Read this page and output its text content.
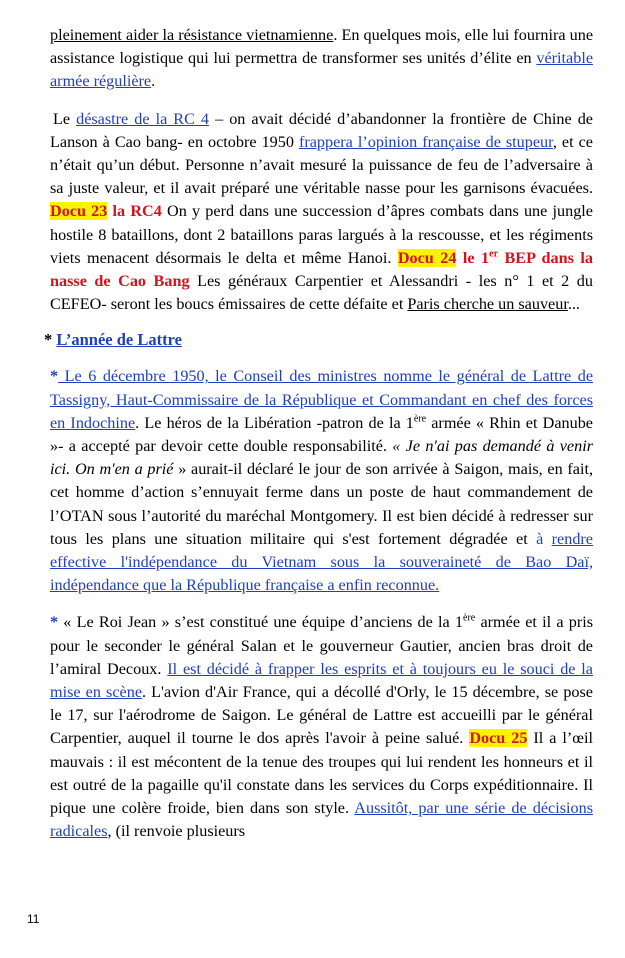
pleinement aider la résistance vietnamienne. En quelques mois, elle lui fournira une assistance logistique qui lui permettra de transformer ses unités d’élite en véritable armée régulière.

Le désastre de la RC 4 – on avait décidé d’abandonner la frontière de Chine de Lanson à Cao bang- en octobre 1950 frappera l’opinion française de stupeur, et ce n’était qu’un début. Personne n’avait mesuré la puissance de feu de l’adversaire à sa juste valeur, et il avait préparé une véritable nasse pour les garnisons évacuées. Docu 23 la RC4 On y perd dans une succession d’âpres combats dans une jungle hostile 8 bataillons, dont 2 bataillons paras largués à la rescousse, et les régiments viets menacent désormais le delta et même Hanoi. Docu 24 le 1er BEP dans la nasse de Cao Bang Les généraux Carpentier et Alessandri - les n° 1 et 2 du CEFEO- seront les boucs émissaires de cette défaite et Paris cherche un sauveur...

* L’année de Lattre

* Le 6 décembre 1950, le Conseil des ministres nomme le général de Lattre de Tassigny, Haut-Commissaire de la République et Commandant en chef des forces en Indochine. Le héros de la Libération -patron de la 1ère armée « Rhin et Danube »- a accepté par devoir cette double responsabilité. « Je n'ai pas demandé à venir ici. On m'en a prié » aurait-il déclaré le jour de son arrivée à Saigon, mais, en fait, cet homme d’action s’ennuyait ferme dans un poste de haut commandement de l’OTAN sous l’autorité du maréchal Montgomery. Il est bien décidé à redresser sur tous les plans une situation militaire qui s'est fortement dégradée et à rendre effective l'indépendance du Vietnam sous la souveraineté de Bao Daï, indépendance que la République française a enfin reconnue.

* « Le Roi Jean » s’est constitué une équipe d’anciens de la 1ère armée et il a pris pour le seconder le général Salan et le gouverneur Gautier, ancien bras droit de l’amiral Decoux. Il est décidé à frapper les esprits et à toujours eu le souci de la mise en scène. L'avion d'Air France, qui a décollé d'Orly, le 15 décembre, se pose le 17, sur l'aérodrome de Saigon. Le général de Lattre est accueilli par le général Carpentier, auquel il tourne le dos après l'avoir à peine salué. Docu 25 Il a l’œil mauvais : il est mécontent de la tenue des troupes qui lui rendent les honneurs et il est outré de la pagaille qu'il constate dans les services du Corps expéditionnaire. Il pique une colère froide, bien dans son style. Aussitôt, par une série de décisions radicales, (il renvoie plusieurs

11
